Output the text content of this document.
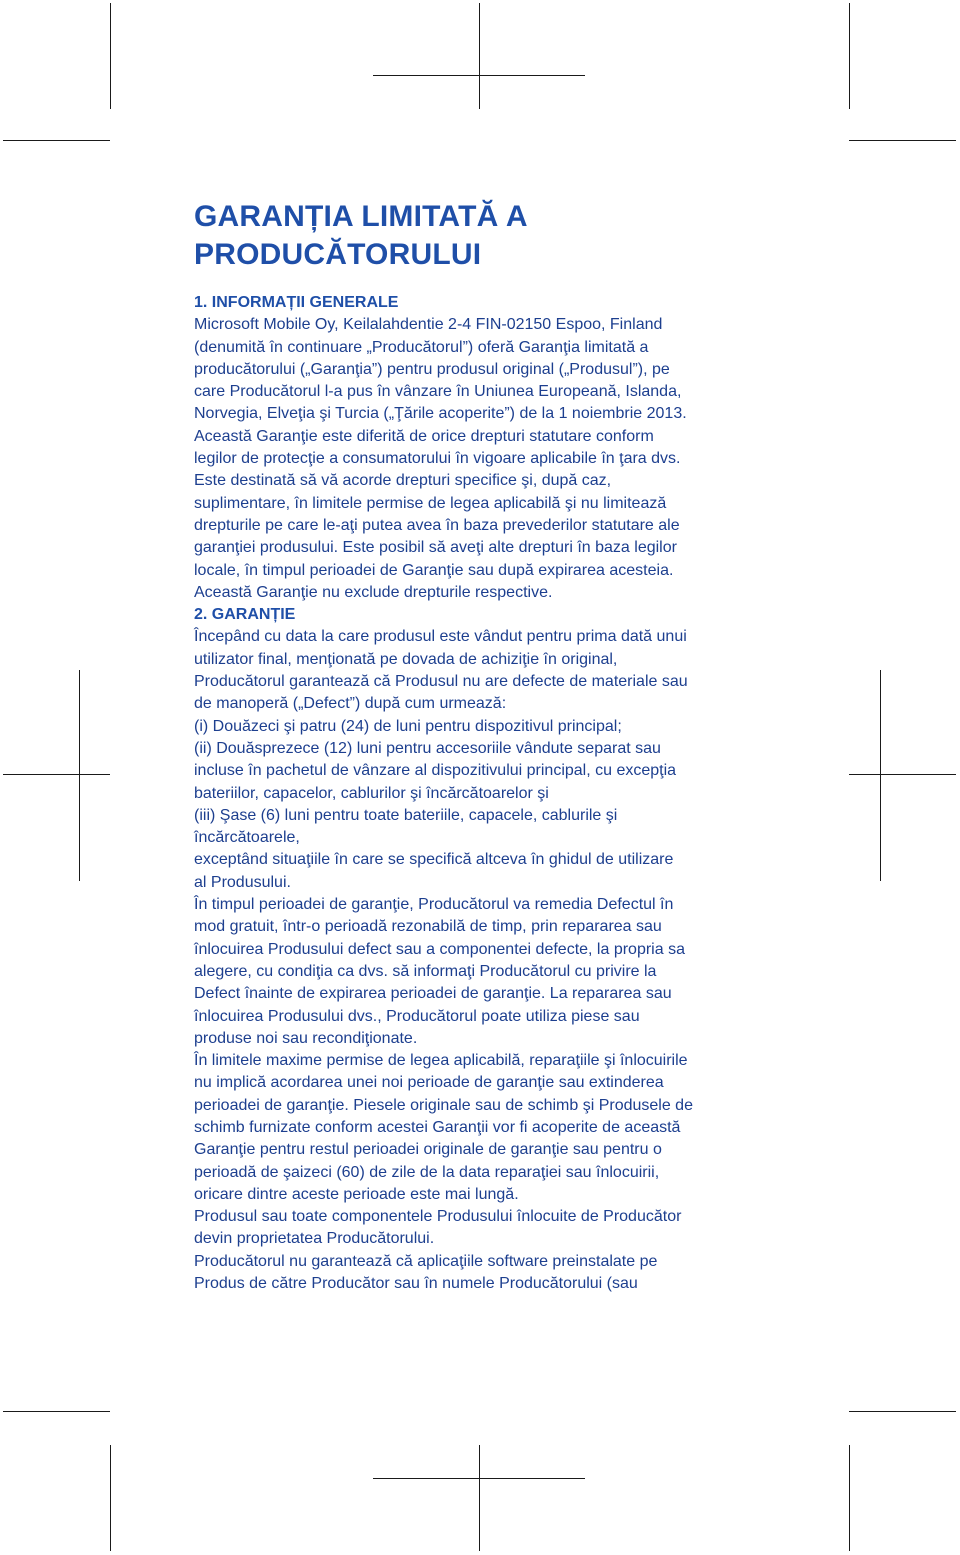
GARANȚIA LIMITATĂ A
PRODUCĂTORULUI
1. INFORMAȚII GENERALE

Microsoft Mobile Oy, Keilalahdentie 2-4 FIN-02150 Espoo, Finland
(denumită în continuare „Producătorul”) oferă Garanţia limitată a
producătorului („Garanţia”) pentru produsul original („Produsul”), pe
care Producătorul l-a pus în vânzare în Uniunea Europeană, Islanda,
Norvegia, Elveţia şi Turcia („Ţările acoperite”) de la 1 noiembrie 2013.

Această Garanţie este diferită de orice drepturi statutare conform
legilor de protecţie a consumatorului în vigoare aplicabile în ţara dvs.

Este destinată să vă acorde drepturi specifice şi, după caz,
suplimentare, în limitele permise de legea aplicabilă şi nu limitează
drepturile pe care le-aţi putea avea în baza prevederilor statutare ale
garanţiei produsului. Este posibil să aveţi alte drepturi în baza legilor
locale, în timpul perioadei de Garanţie sau după expirarea acesteia.
Această Garanţie nu exclude drepturile respective.

2. GARANȚIE

Începând cu data la care produsul este vândut pentru prima dată unui
utilizator final, menţionată pe dovada de achiziţie în original,
Producătorul garantează că Produsul nu are defecte de materiale sau
de manoperă („Defect”) după cum urmează:

(i) Douăzeci şi patru (24) de luni pentru dispozitivul principal;

(ii) Douăsprezece (12) luni pentru accesoriile vândute separat sau
incluse în pachetul de vânzare al dispozitivului principal, cu excepţia
bateriilor, capacelor, cablurilor şi încărcătoarelor şi

(iii) Şase (6) luni pentru toate bateriile, capacele, cablurile şi
încărcătoarele,

exceptând situaţiile în care se specifică altceva în ghidul de utilizare
al Produsului.

În timpul perioadei de garanţie, Producătorul va remedia Defectul în
mod gratuit, într-o perioadă rezonabilă de timp, prin repararea sau
înlocuirea Produsului defect sau a componentei defecte, la propria sa
alegere, cu condiţia ca dvs. să informaţi Producătorul cu privire la
Defect înainte de expirarea perioadei de garanţie. La repararea sau
înlocuirea Produsului dvs., Producătorul poate utiliza piese sau
produse noi sau recondiţionate.

În limitele maxime permise de legea aplicabilă, reparaţiile şi înlocuirile
nu implică acordarea unei noi perioade de garanţie sau extinderea
perioadei de garanţie. Piesele originale sau de schimb şi Produsele de
schimb furnizate conform acestei Garanţii vor fi acoperite de această
Garanţie pentru restul perioadei originale de garanţie sau pentru o
perioadă de şaizeci (60) de zile de la data reparaţiei sau înlocuirii,
oricare dintre aceste perioade este mai lungă.

Produsul sau toate componentele Produsului înlocuite de Producător
devin proprietatea Producătorului.

Producătorul nu garantează că aplicaţiile software preinstalate pe
Produs de către Producător sau în numele Producătorului (sau
